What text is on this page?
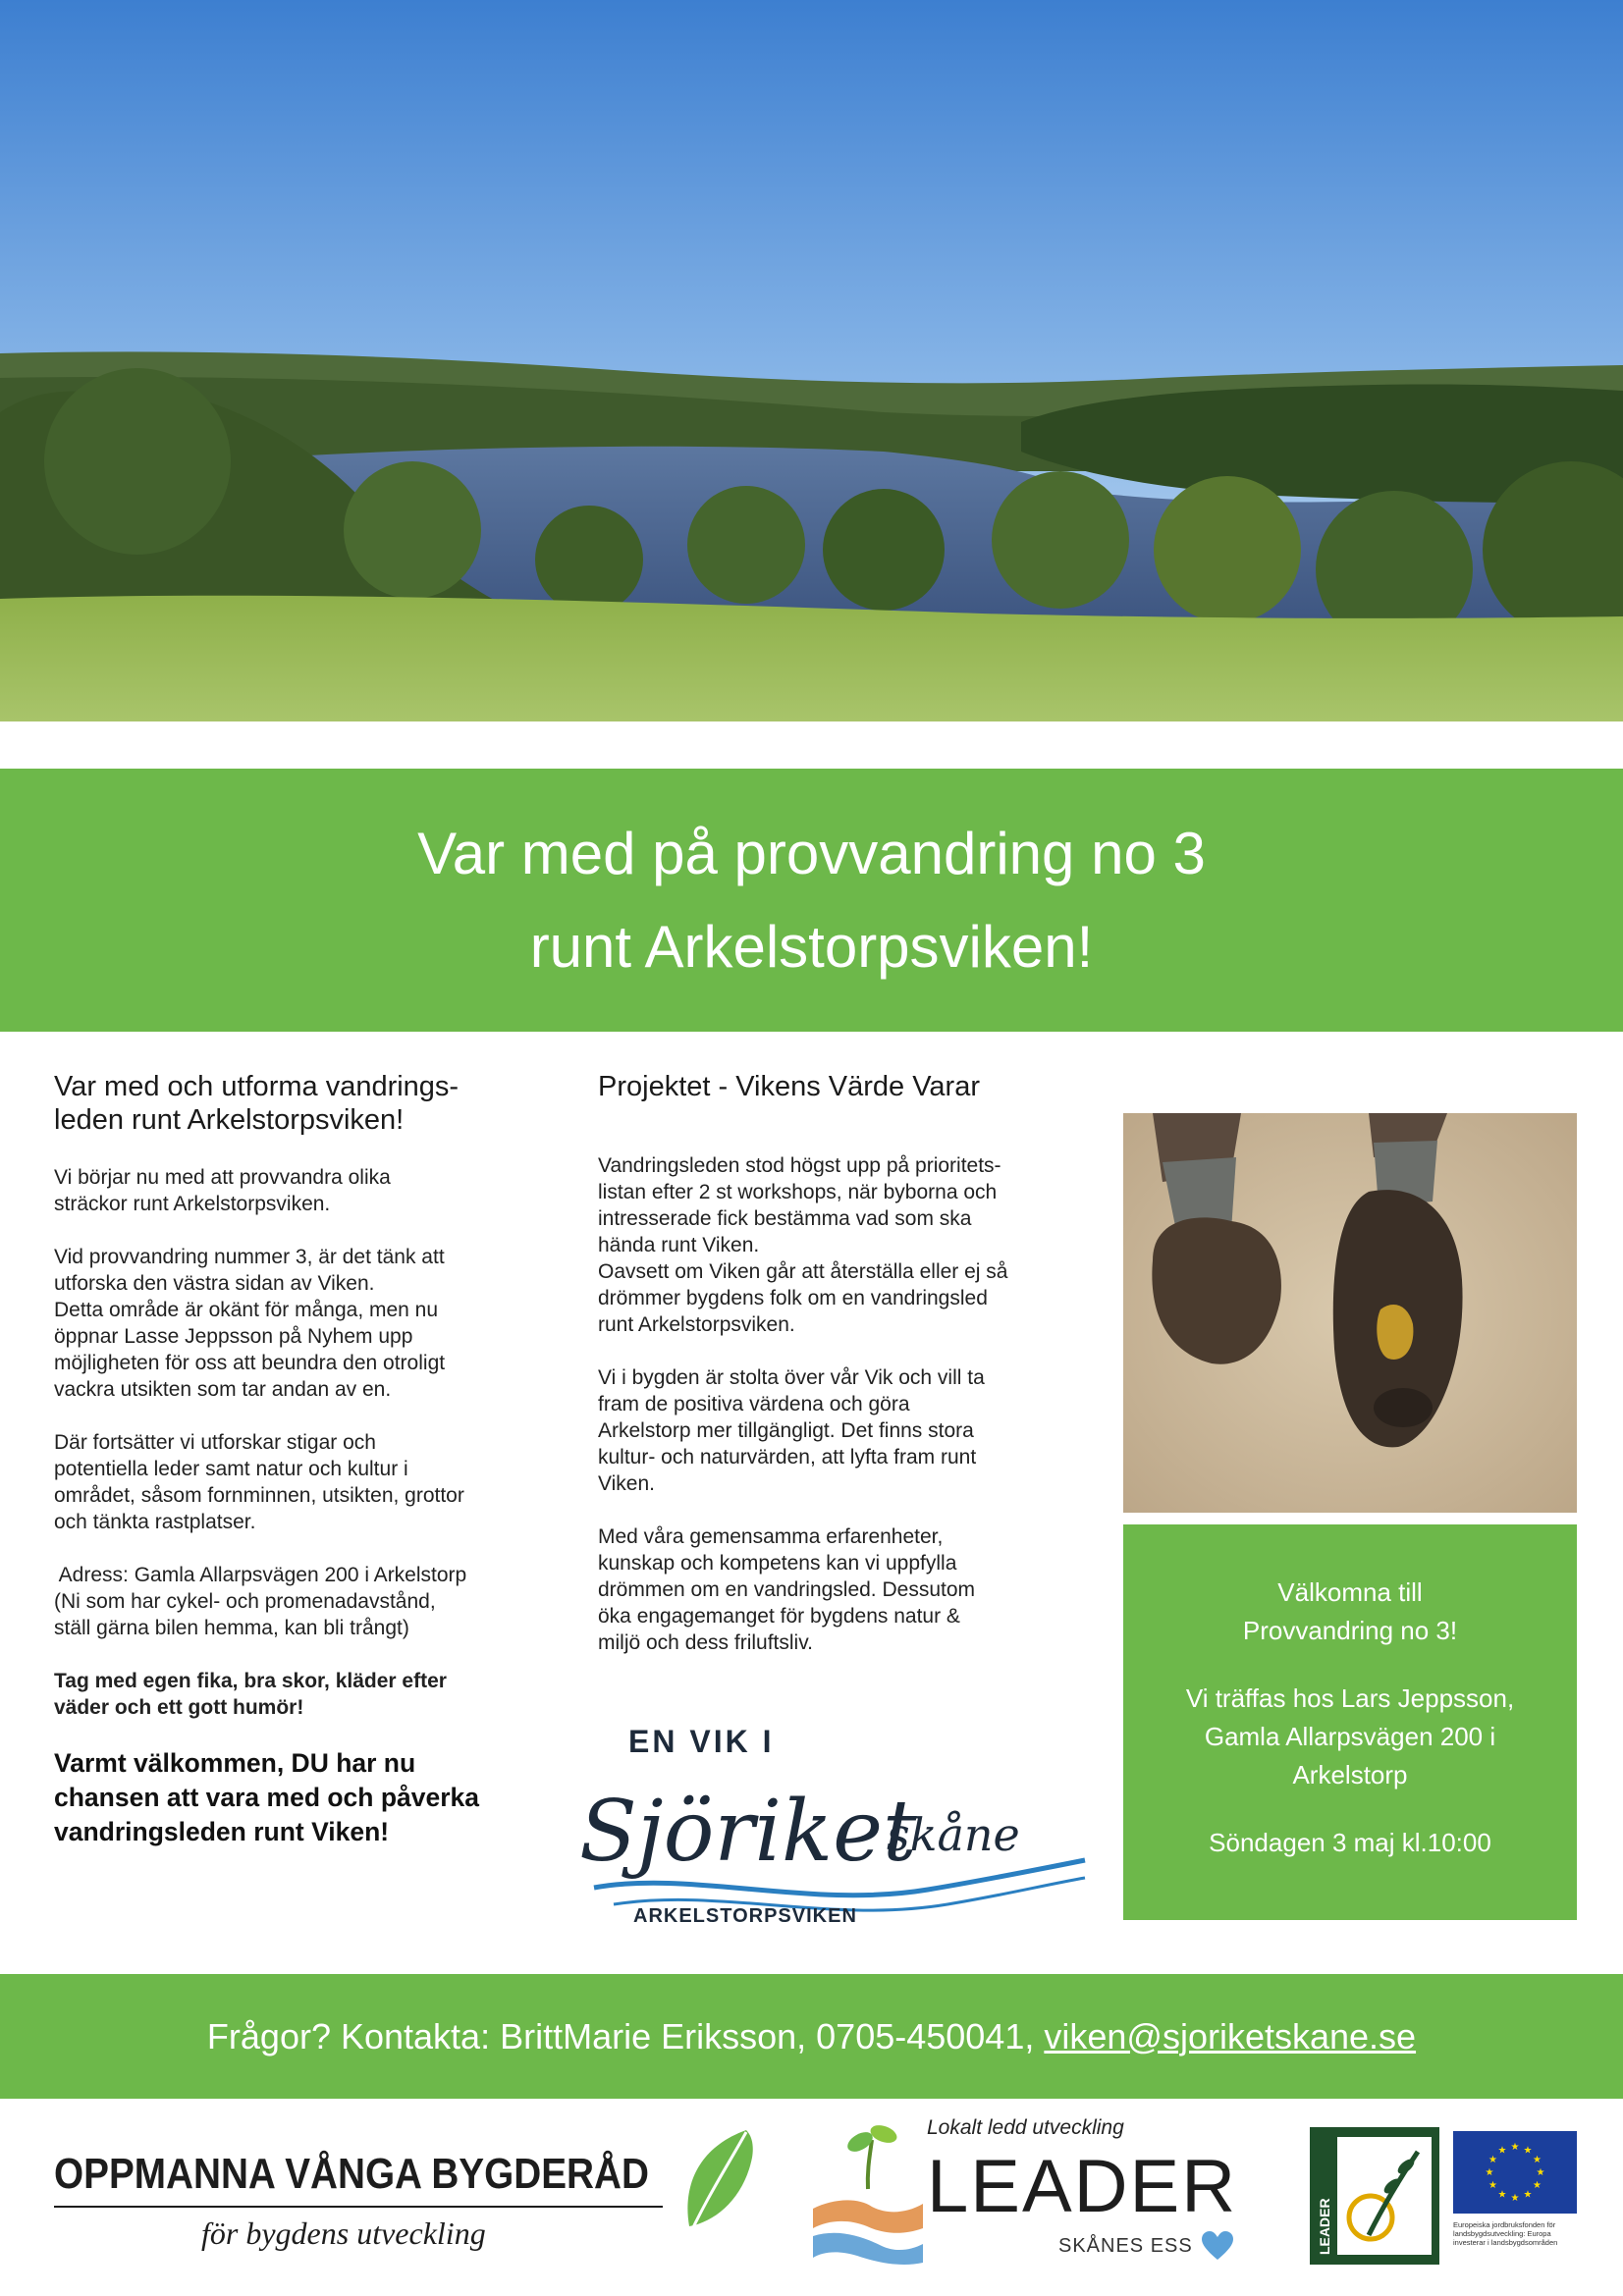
Var med på provvandring no 3
runt Arkelstorpsviken!
Var med och utforma vandrings-
leden runt Arkelstorpsviken!
Vi börjar nu med att provvandra olika
sträckor runt Arkelstorpsviken.
Vid provvandring nummer 3, är det tänk att
utforska den västra sidan av Viken.
Detta område är okänt för många, men nu
öppnar Lasse Jeppsson på Nyhem upp
möjligheten för oss att beundra den otroligt
vackra utsikten som tar andan av en.
Där fortsätter vi utforskar stigar och
potentiella leder samt natur och kultur i
området, såsom fornminnen, utsikten, grottor
och tänkta rastplatser.
Adress: Gamla Allarpsvägen 200 i Arkelstorp
(Ni som har cykel- och promenadavstånd,
ställ gärna bilen hemma, kan bli trångt)
Tag med egen fika, bra skor, kläder efter
väder och ett gott humör!
Varmt välkommen, DU har nu
chansen att vara med och påverka
vandringsleden runt Viken!
Projektet - Vikens Värde Varar
Vandringsleden stod högst upp på prioritets-
listan efter 2 st workshops, när byborna och
intresserade fick bestämma vad som ska
hända runt Viken.
Oavsett om Viken går att återställa eller ej så
drömmer bygdens folk om en vandringsled
runt Arkelstorpsviken.
Vi i bygden är stolta över vår Vik och vill ta
fram de positiva värdena och göra
Arkelstorp mer tillgängligt. Det finns stora
kultur- och naturvärden, att lyfta fram runt
Viken.
Med våra gemensamma erfarenheter,
kunskap och kompetens kan vi uppfylla
drömmen om en vandringsled. Dessutom
öka engagemanget för bygdens natur &
miljö och dess friluftsliv.
EN VIK I
Sjöriket
skåne
ARKELSTORPSVIKEN
Välkomna till
Provvandring no 3!
Vi träffas hos Lars Jeppsson,
Gamla Allarpsvägen 200 i
Arkelstorp
Söndagen 3 maj kl.10:00
Frågor? Kontakta: BrittMarie Eriksson, 0705-450041, viken@sjoriketskane.se
OPPMANNA VÅNGA BYGDERÅD
för bygdens utveckling
Lokalt ledd utveckling
LEADER
SKÅNES ESS	LEADER
★
★
★
★
★
★
★
★
★ ★ ★
★
Europeiska jordbruksfonden för landsbygdsutveckling: Europa investerar i landsbygdsområden
